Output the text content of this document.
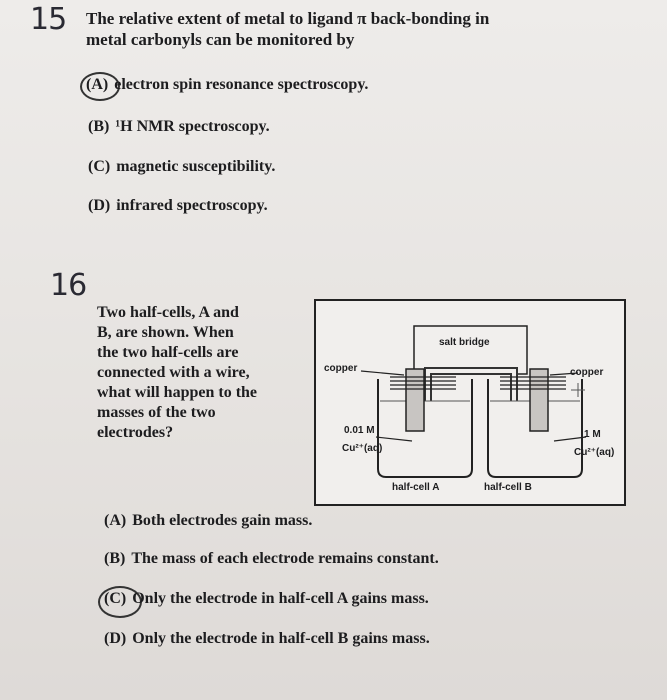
15 The relative extent of metal to ligand π back-bonding in
metal carbonyls can be monitored by
(A) electron spin resonance spectroscopy.
(B) ¹H NMR spectroscopy.
(C) magnetic susceptibility.
(D) infrared spectroscopy.
16
Two half-cells, A and
B, are shown. When
the two half-cells are
connected with a wire,
what will happen to the
masses of the two
electrodes?
salt bridge
copper	copper
0.01 M
Cu²⁺(aq)
1 M
Cu²⁺(aq)
half-cell A	half-cell B
(A) Both electrodes gain mass.
(B) The mass of each electrode remains constant.
(C) Only the electrode in half-cell A gains mass.
(D) Only the electrode in half-cell B gains mass.
